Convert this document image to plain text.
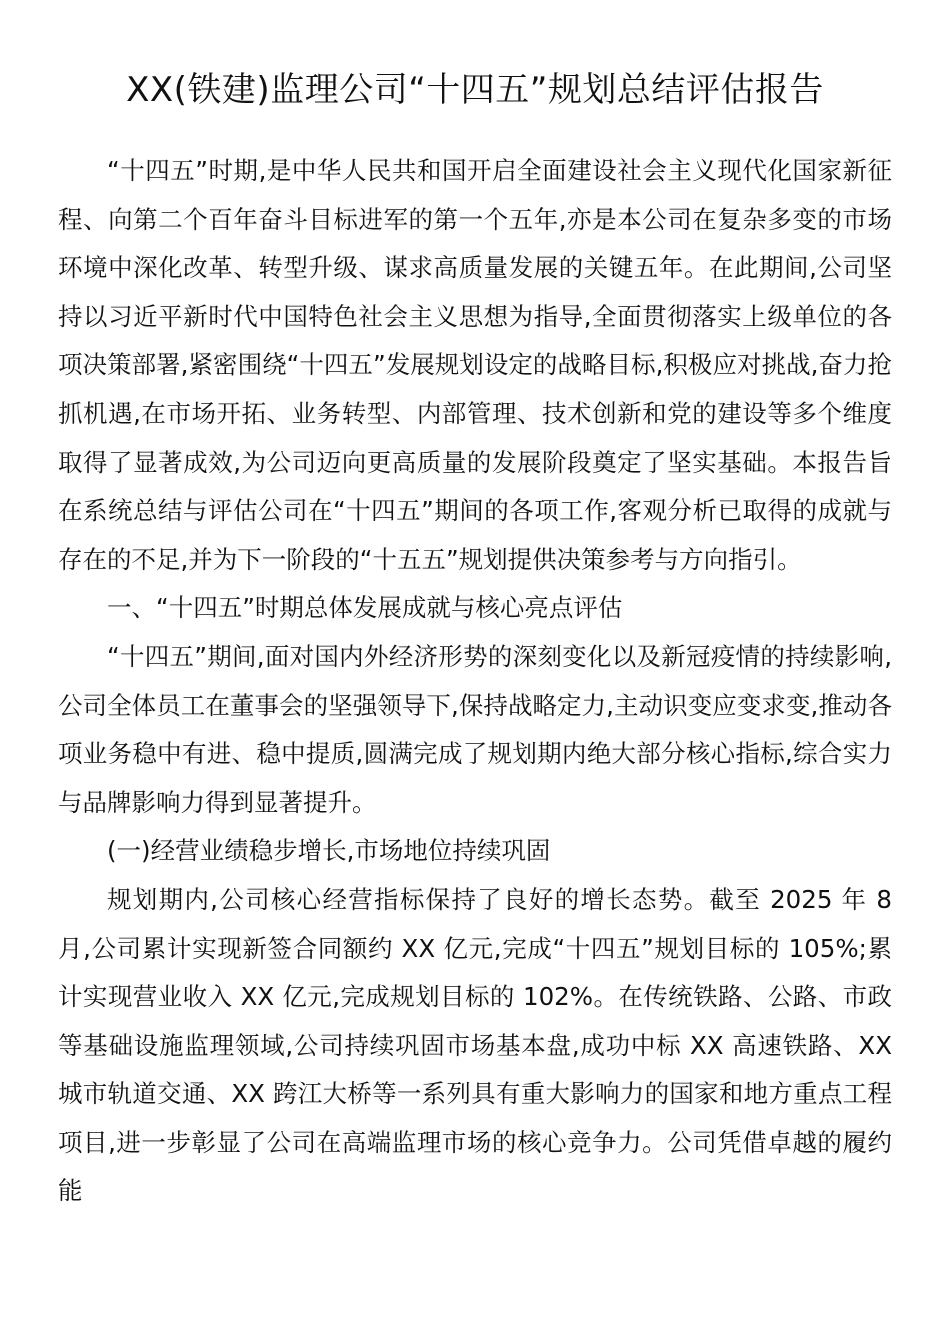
XX(铁建)监理公司“十四五”规划总结评估报告

“十四五”时期,是中华人民共和国开启全面建设社会主义现代化国家新征程、向第二个百年奋斗目标进军的第一个五年,亦是本公司在复杂多变的市场环境中深化改革、转型升级、谋求高质量发展的关键五年。在此期间,公司坚持以习近平新时代中国特色社会主义思想为指导,全面贯彻落实上级单位的各项决策部署,紧密围绕“十四五”发展规划设定的战略目标,积极应对挑战,奋力抢抓机遇,在市场开拓、业务转型、内部管理、技术创新和党的建设等多个维度取得了显著成效,为公司迈向更高质量的发展阶段奠定了坚实基础。本报告旨在系统总结与评估公司在“十四五”期间的各项工作,客观分析已取得的成就与存在的不足,并为下一阶段的“十五五”规划提供决策参考与方向指引。

一、“十四五”时期总体发展成就与核心亮点评估

“十四五”期间,面对国内外经济形势的深刻变化以及新冠疫情的持续影响,公司全体员工在董事会的坚强领导下,保持战略定力,主动识变应变求变,推动各项业务稳中有进、稳中提质,圆满完成了规划期内绝大部分核心指标,综合实力与品牌影响力得到显著提升。

(一)经营业绩稳步增长,市场地位持续巩固

规划期内,公司核心经营指标保持了良好的增长态势。截至 2025 年 8 月,公司累计实现新签合同额约 XX 亿元,完成“十四五”规划目标的 105%;累计实现营业收入 XX 亿元,完成规划目标的 102%。在传统铁路、公路、市政等基础设施监理领域,公司持续巩固市场基本盘,成功中标 XX 高速铁路、XX 城市轨道交通、XX 跨江大桥等一系列具有重大影响力的国家和地方重点工程项目,进一步彰显了公司在高端监理市场的核心竞争力。公司凭借卓越的履约能
